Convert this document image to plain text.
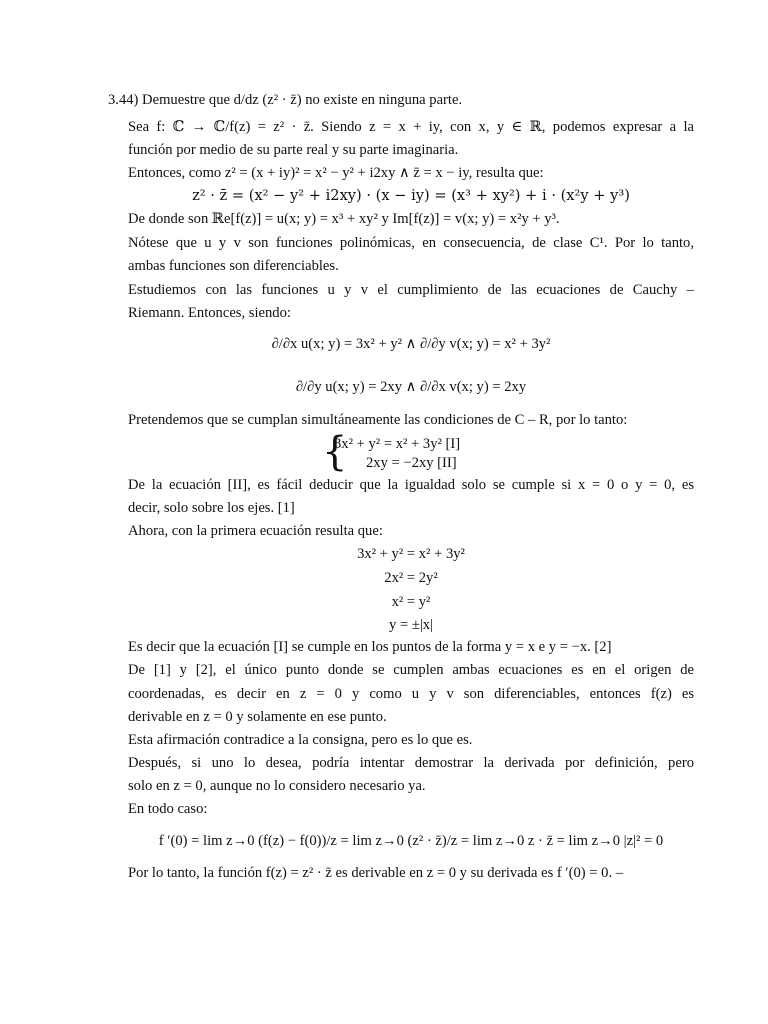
3.44) Demuestre que d/dz (z² · z̄) no existe en ninguna parte.
Sea f: ℂ → ℂ/f(z) = z² · z̄. Siendo z = x + iy, con x, y ∈ ℝ, podemos expresar a la
función por medio de su parte real y su parte imaginaria.
Entonces, como z² = (x + iy)² = x² − y² + i2xy ∧ z̄ = x − iy, resulta que:
z² · z̄ = (x² − y² + i2xy) · (x − iy) = (x³ + xy²) + i · (x²y + y³)
De donde son ℝe[f(z)] = u(x; y) = x³ + xy² y Im[f(z)] = v(x; y) = x²y + y³.
Nótese que u y v son funciones polinómicas, en consecuencia, de clase C¹. Por lo tanto,
ambas funciones son diferenciables.
Estudiemos con las funciones u y v el cumplimiento de las ecuaciones de Cauchy –
Riemann. Entonces, siendo:
∂/∂x u(x; y) = 3x² + y² ∧ ∂/∂y v(x; y) = x² + 3y²
∂/∂y u(x; y) = 2xy ∧ ∂/∂x v(x; y) = 2xy
Pretendemos que se cumplan simultáneamente las condiciones de C – R, por lo tanto:
{
3x² + y² = x² + 3y² [I]
2xy = −2xy [II]
De la ecuación [II], es fácil deducir que la igualdad solo se cumple si x = 0 o y = 0, es
decir, solo sobre los ejes. [1]
Ahora, con la primera ecuación resulta que:
3x² + y² = x² + 3y²
2x² = 2y²
x² = y²
y = ±|x|
Es decir que la ecuación [I] se cumple en los puntos de la forma y = x e y = −x. [2]
De [1] y [2], el único punto donde se cumplen ambas ecuaciones es en el origen de
coordenadas, es decir en z = 0 y como u y v son diferenciables, entonces f(z) es
derivable en z = 0 y solamente en ese punto.
Esta afirmación contradice a la consigna, pero es lo que es.
Después, si uno lo desea, podría intentar demostrar la derivada por definición, pero
solo en z = 0, aunque no lo considero necesario ya.
En todo caso:
f ′(0) = lim z→0 (f(z) − f(0))/z = lim z→0 (z² · z̄)/z = lim z→0 z · z̄ = lim z→0 |z|² = 0
Por lo tanto, la función f(z) = z² · z̄ es derivable en z = 0 y su derivada es f ′(0) = 0. –
